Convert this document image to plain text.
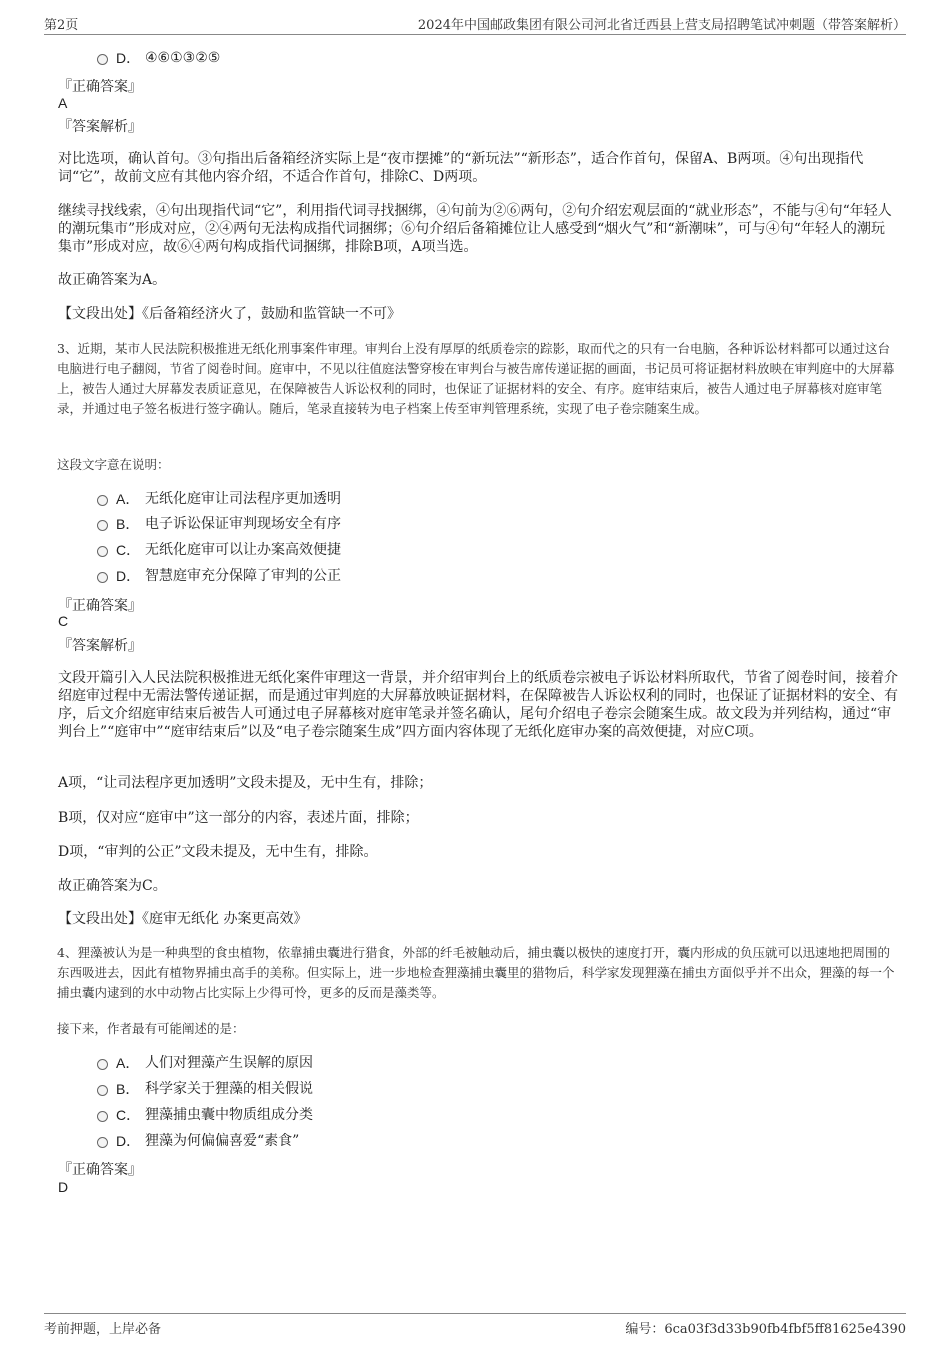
第2页	2024年中国邮政集团有限公司河北省迁西县上营支局招聘笔试冲刺题（带答案解析）
D． ④⑥①③②⑤
『正确答案』
A
『答案解析』
对比选项，确认首句。③句指出后备箱经济实际上是“夜市摆摊”的“新玩法”“新形态”，适合作首句，保留A、B两项。④句出现指代词“它”，故前文应有其他内容介绍，不适合作首句，排除C、D两项。
继续寻找线索，④句出现指代词“它”，利用指代词寻找捆绑，④句前为②⑥两句，②句介绍宏观层面的“就业形态”，不能与④句“年轻人的潮玩集市”形成对应，②④两句无法构成指代词捆绑；⑥句介绍后备箱摊位让人感受到“烟火气”和“新潮味”，可与④句“年轻人的潮玩集市”形成对应，故⑥④两句构成指代词捆绑，排除B项，A项当选。
故正确答案为A。
【文段出处】《后备箱经济火了，鼓励和监管缺一不可》
3、近期，某市人民法院积极推进无纸化刑事案件审理。审判台上没有厚厚的纸质卷宗的踪影，取而代之的只有一台电脑，各种诉讼材料都可以通过这台电脑进行电子翻阅，节省了阅卷时间。庭审中，不见以往值庭法警穿梭在审判台与被告席传递证据的画面，书记员可将证据材料放映在审判庭中的大屏幕上，被告人通过大屏幕发表质证意见，在保障被告人诉讼权利的同时，也保证了证据材料的安全、有序。庭审结束后，被告人通过电子屏幕核对庭审笔录，并通过电子签名板进行签字确认。随后，笔录直接转为电子档案上传至审判管理系统，实现了电子卷宗随案生成。
这段文字意在说明：
A． 无纸化庭审让司法程序更加透明
B． 电子诉讼保证审判现场安全有序
C． 无纸化庭审可以让办案高效便捷
D． 智慧庭审充分保障了审判的公正
『正确答案』
C
『答案解析』
文段开篇引入人民法院积极推进无纸化案件审理这一背景，并介绍审判台上的纸质卷宗被电子诉讼材料所取代，节省了阅卷时间，接着介绍庭审过程中无需法警传递证据，而是通过审判庭的大屏幕放映证据材料，在保障被告人诉讼权利的同时，也保证了证据材料的安全、有序，后文介绍庭审结束后被告人可通过电子屏幕核对庭审笔录并签名确认，尾句介绍电子卷宗会随案生成。故文段为并列结构，通过“审判台上”“庭审中”“庭审结束后”以及“电子卷宗随案生成”四方面内容体现了无纸化庭审办案的高效便捷，对应C项。
A项，“让司法程序更加透明”文段未提及，无中生有，排除；
B项，仅对应“庭审中”这一部分的内容，表述片面，排除；
D项，“审判的公正”文段未提及，无中生有，排除。
故正确答案为C。
【文段出处】《庭审无纸化 办案更高效》
4、狸藻被认为是一种典型的食虫植物，依靠捕虫囊进行猎食，外部的纤毛被触动后，捕虫囊以极快的速度打开，囊内形成的负压就可以迅速地把周围的东西吸进去，因此有植物界捕虫高手的美称。但实际上，进一步地检查狸藻捕虫囊里的猎物后，科学家发现狸藻在捕虫方面似乎并不出众，狸藻的每一个捕虫囊内逮到的水中动物占比实际上少得可怜，更多的反而是藻类等。
接下来，作者最有可能阐述的是：
A． 人们对狸藻产生误解的原因
B． 科学家关于狸藻的相关假说
C． 狸藻捕虫囊中物质组成分类
D． 狸藻为何偏偏喜爱“素食”
『正确答案』
D
考前押题，上岸必备	编号：6ca03f3d33b90fb4fbf5ff81625e4390
